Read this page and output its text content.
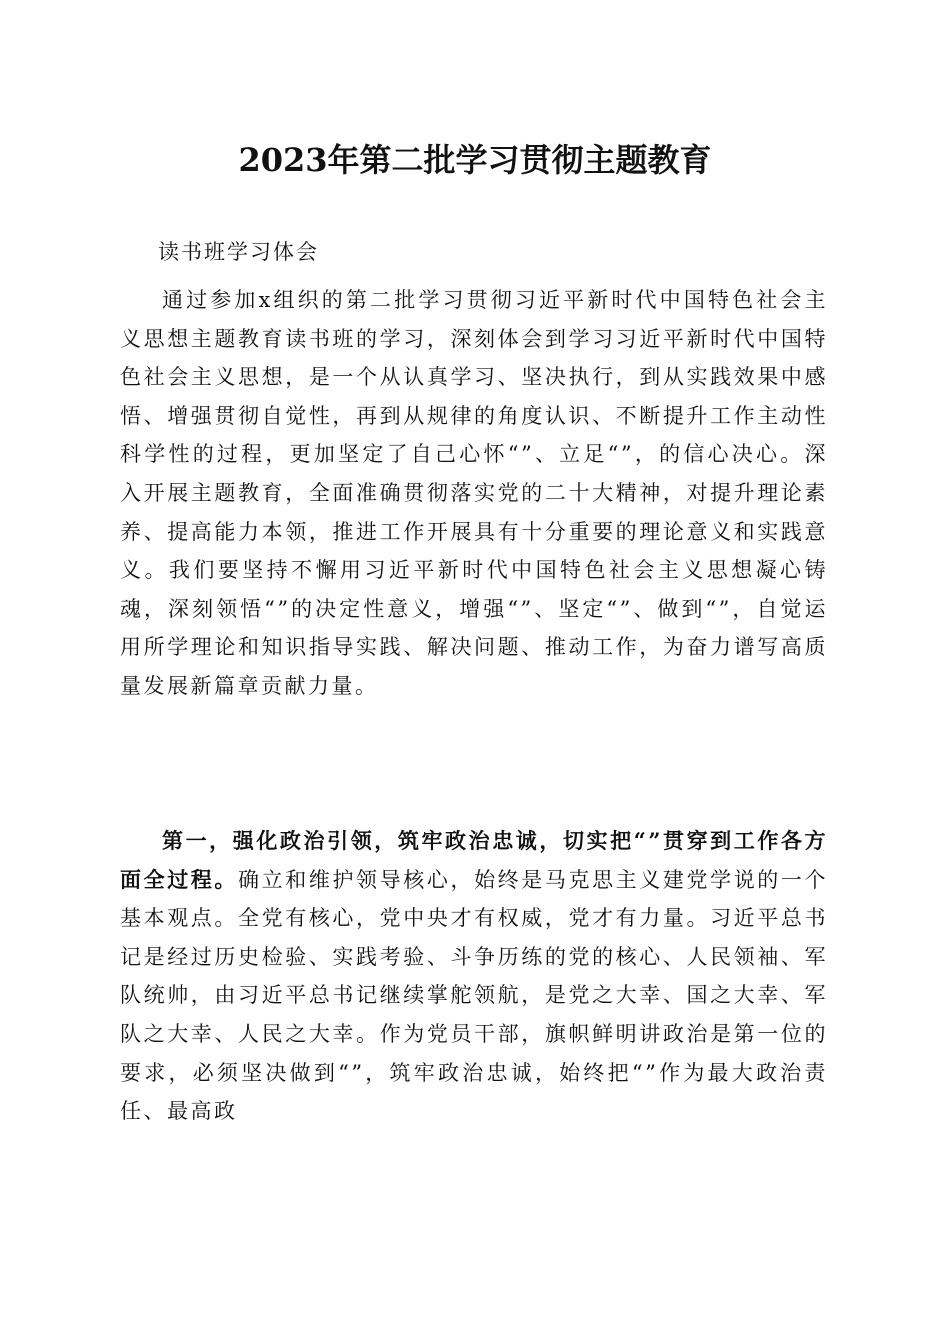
2023年第二批学习贯彻主题教育

读书班学习体会

通过参加x组织的第二批学习贯彻习近平新时代中国特色社会主义思想主题教育读书班的学习，深刻体会到学习习近平新时代中国特色社会主义思想，是一个从认真学习、坚决执行，到从实践效果中感悟、增强贯彻自觉性，再到从规律的角度认识、不断提升工作主动性科学性的过程，更加坚定了自己心怀“”、立足“”，的信心决心。深入开展主题教育，全面准确贯彻落实党的二十大精神，对提升理论素养、提高能力本领，推进工作开展具有十分重要的理论意义和实践意义。我们要坚持不懈用习近平新时代中国特色社会主义思想凝心铸魂，深刻领悟“”的决定性意义，增强“”、坚定“”、做到“”，自觉运用所学理论和知识指导实践、解决问题、推动工作，为奋力谱写高质量发展新篇章贡献力量。

第一，强化政治引领，筑牢政治忠诚，切实把“”贯穿到工作各方面全过程。确立和维护领导核心，始终是马克思主义建党学说的一个基本观点。全党有核心，党中央才有权威，党才有力量。习近平总书记是经过历史检验、实践考验、斗争历练的党的核心、人民领袖、军队统帅，由习近平总书记继续掌舵领航，是党之大幸、国之大幸、军队之大幸、人民之大幸。作为党员干部，旗帜鲜明讲政治是第一位的要求，必须坚决做到“”，筑牢政治忠诚，始终把“”作为最大政治责任、最高政
